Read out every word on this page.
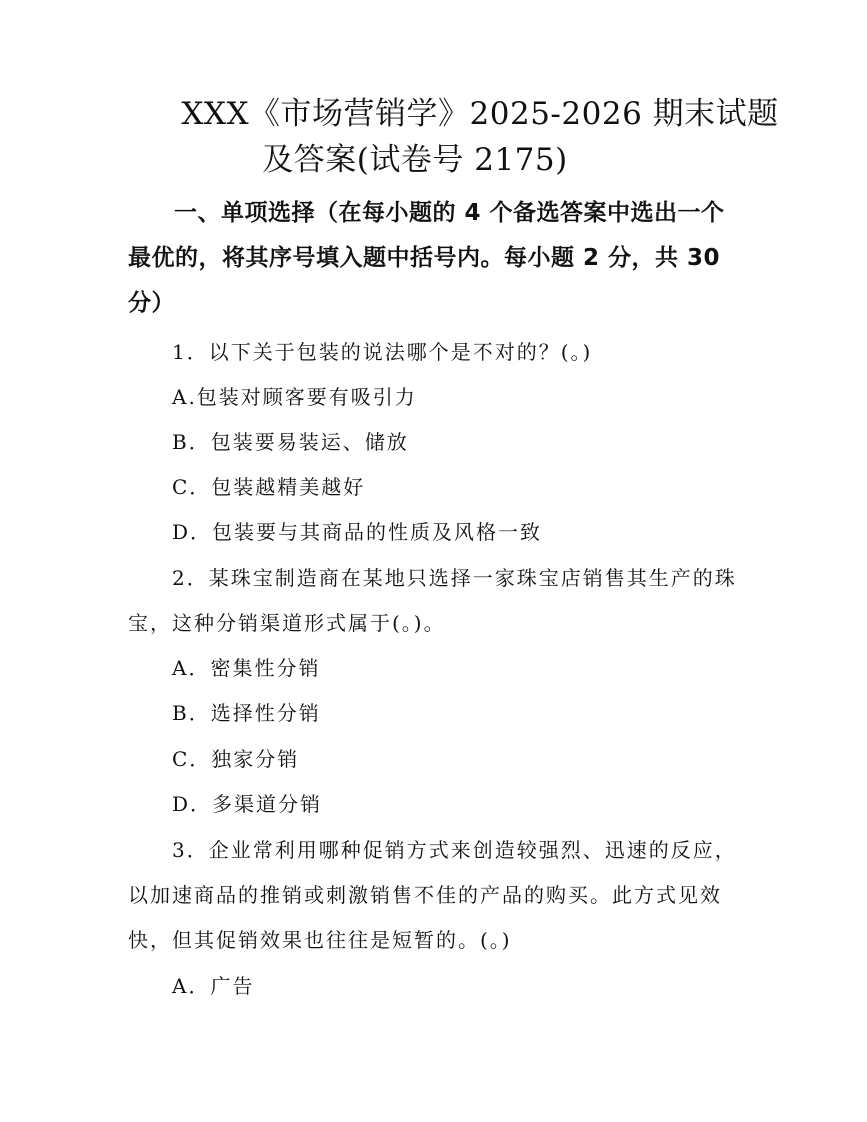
XXX《市场营销学》2025-2026 期末试题
及答案(试卷号 2175)
一、单项选择（在每小题的 4 个备选答案中选出一个最优的，将其序号填入题中括号内。每小题 2 分，共 30 分）
1．以下关于包装的说法哪个是不对的？(。)
A.包装对顾客要有吸引力
B．包装要易装运、储放
C．包装越精美越好
D．包装要与其商品的性质及风格一致
2．某珠宝制造商在某地只选择一家珠宝店销售其生产的珠宝，这种分销渠道形式属于(。)。
A．密集性分销
B．选择性分销
C．独家分销
D．多渠道分销
3．企业常利用哪种促销方式来创造较强烈、迅速的反应，以加速商品的推销或刺激销售不佳的产品的购买。此方式见效快，但其促销效果也往往是短暂的。(。)
A．广告
